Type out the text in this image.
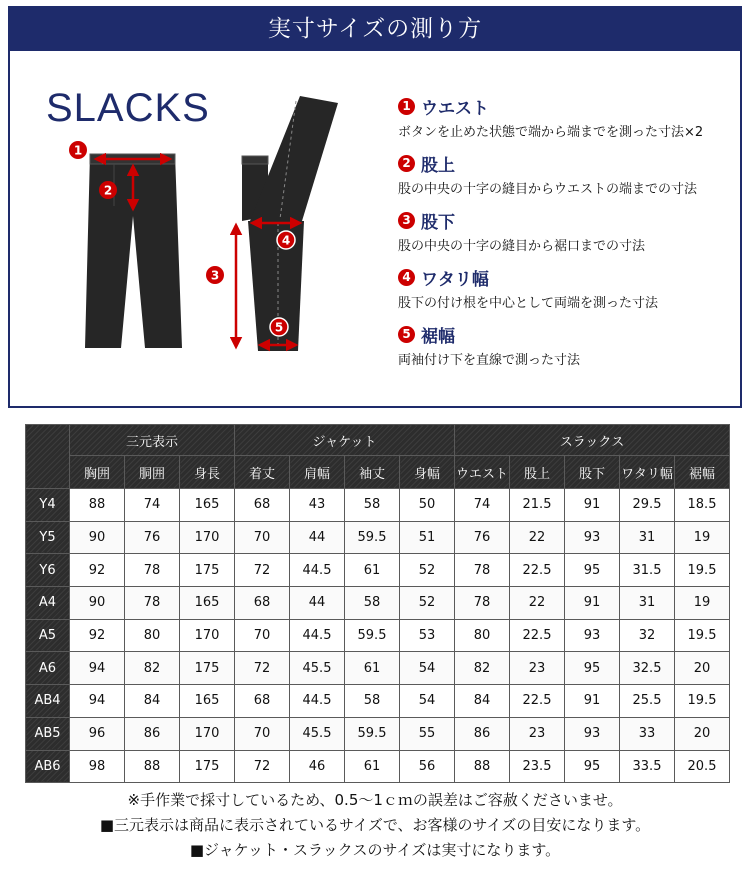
実寸サイズの測り方
1
2
3
4
5
SLACKS	1 ウエスト
ボタンを止めた状態で端から端までを測った寸法×2
2 股上
股の中央の十字の縫目からウエストの端までの寸法
3 股下
股の中央の十字の縫目から裾口までの寸法
4 ワタリ幅
股下の付け根を中心として両端を測った寸法
5 裾幅
両袖付け下を直線で測った寸法
	三元表示			ジャケット				スラックス				
	胸囲	胴囲	身長	着丈	肩幅	袖丈	身幅	ウエスト	股上	股下	ワタリ幅	裾幅
Y4	88	74	165	68	43	58	50	74	21.5	91	29.5	18.5
Y5	90	76	170	70	44	59.5	51	76	22	93	31	19
Y6	92	78	175	72	44.5	61	52	78	22.5	95	31.5	19.5
A4	90	78	165	68	44	58	52	78	22	91	31	19
A5	92	80	170	70	44.5	59.5	53	80	22.5	93	32	19.5
A6	94	82	175	72	45.5	61	54	82	23	95	32.5	20
AB4	94	84	165	68	44.5	58	54	84	22.5	91	25.5	19.5
AB5	96	86	170	70	45.5	59.5	55	86	23	93	33	20
AB6	98	88	175	72	46	61	56	88	23.5	95	33.5	20.5
※手作業で採寸しているため、0.5〜1ｃｍの誤差はご容赦くださいませ。
■三元表示は商品に表示されているサイズで、お客様のサイズの目安になります。
■ジャケット・スラックスのサイズは実寸になります。
